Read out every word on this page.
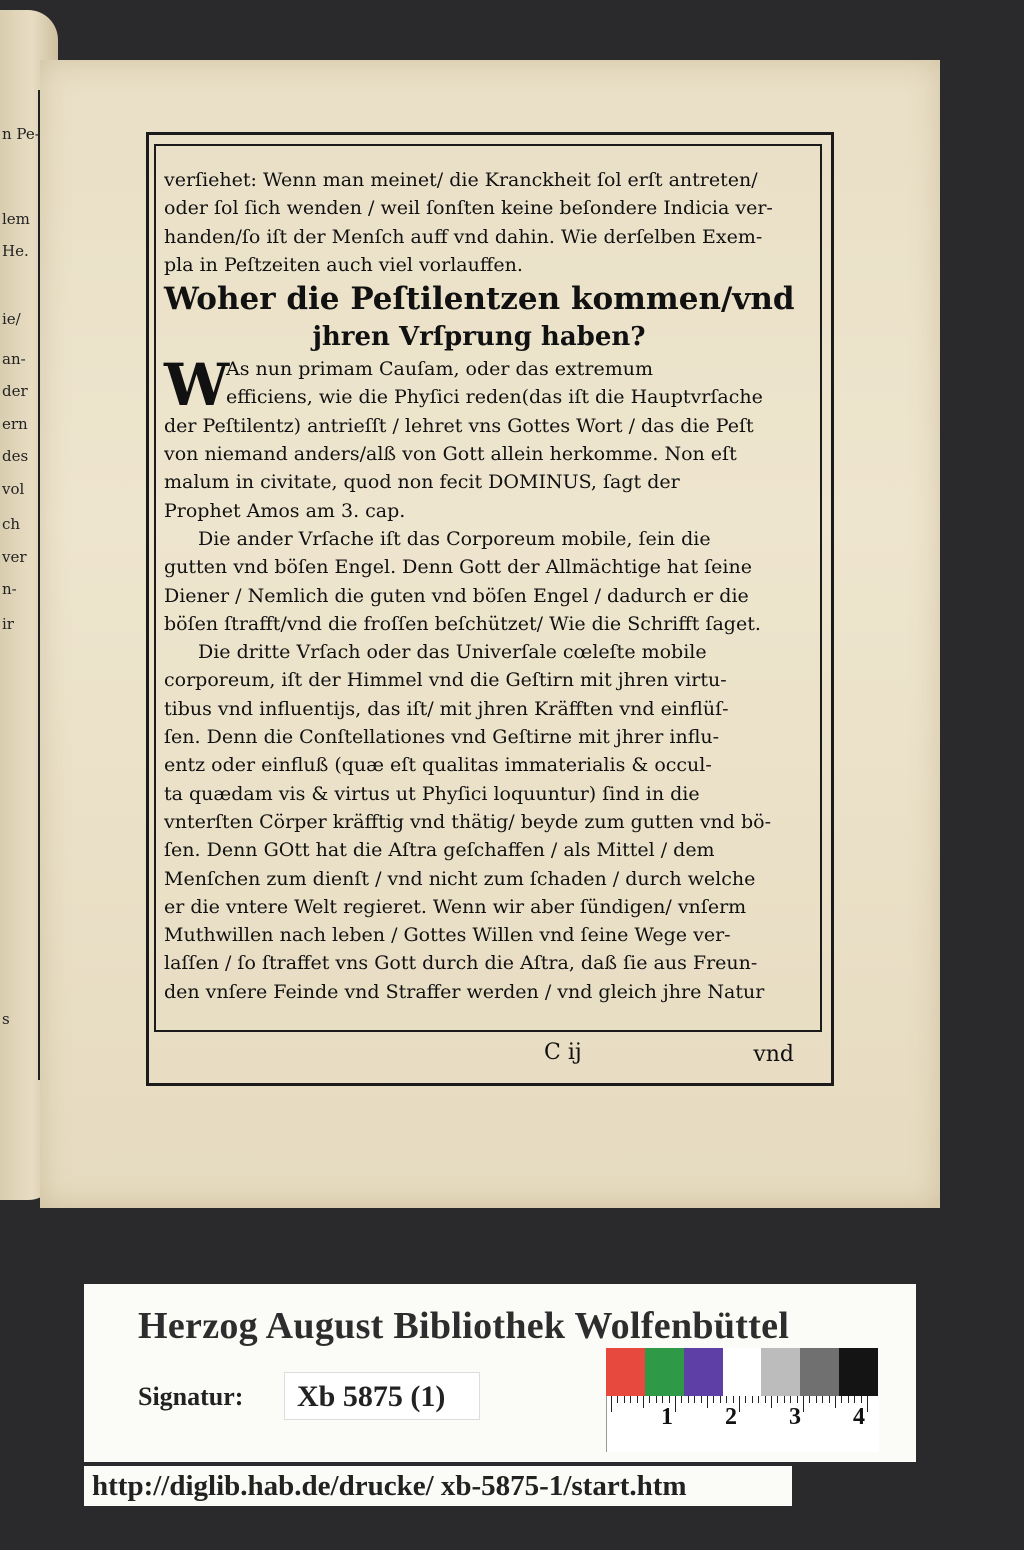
n Pe-
lem
He.
ie/
an-
der
ern
des
vol
ch
ver
n-
ir
s
verſiehet: Wenn man meinet/ die Kranckheit ſol erſt antreten/
oder ſol ſich wenden / weil ſonſten keine beſondere Indicia ver-
handen/ſo iſt der Menſch auff vnd dahin. Wie derſelben Exem-
pla in Peſtzeiten auch viel vorlauffen.
Woher die Peſtilentzen kommen/vnd
jhren Vrſprung haben?
W
As nun primam Cauſam, oder das extremum
efficiens, wie die Phyſici reden(das iſt die Hauptvrſache
der Peſtilentz) antrieſſt / lehret vns Gottes Wort / das die Peſt
von niemand anders/alß von Gott allein herkomme. Non eſt
malum in civitate, quod non fecit DOMINUS, ſagt der
Prophet Amos am 3. cap.
Die ander Vrſache iſt das Corporeum mobile, ſein die
gutten vnd böſen Engel. Denn Gott der Allmächtige hat ſeine
Diener / Nemlich die guten vnd böſen Engel / dadurch er die
böſen ſtrafft/vnd die froſſen beſchützet/ Wie die Schrifft ſaget.
Die dritte Vrſach oder das Univerſale cœleſte mobile
corporeum, iſt der Himmel vnd die Geſtirn mit jhren virtu-
tibus vnd influentijs, das iſt/ mit jhren Kräfften vnd einflüſ-
ſen. Denn die Conſtellationes vnd Geſtirne mit jhrer influ-
entz oder einfluß (quæ eſt qualitas immaterialis & occul-
ta quædam vis & virtus ut Phyſici loquuntur) ſind in die
vnterſten Cörper kräfftig vnd thätig/ beyde zum gutten vnd bö-
ſen. Denn GOtt hat die Aſtra geſchaffen / als Mittel / dem
Menſchen zum dienſt / vnd nicht zum ſchaden / durch welche
er die vntere Welt regieret. Wenn wir aber ſündigen/ vnſerm
Muthwillen nach leben / Gottes Willen vnd ſeine Wege ver-
laſſen / ſo ſtraffet vns Gott durch die Aſtra, daß ſie aus Freun-
den vnſere Feinde vnd Straffer werden / vnd gleich jhre Natur
C ij	vnd
Herzog August Bibliothek Wolfenbüttel
Signatur:	Xb 5875 (1)
1 2 3 4
http://diglib.hab.de/drucke/ xb-5875-1/start.htm
